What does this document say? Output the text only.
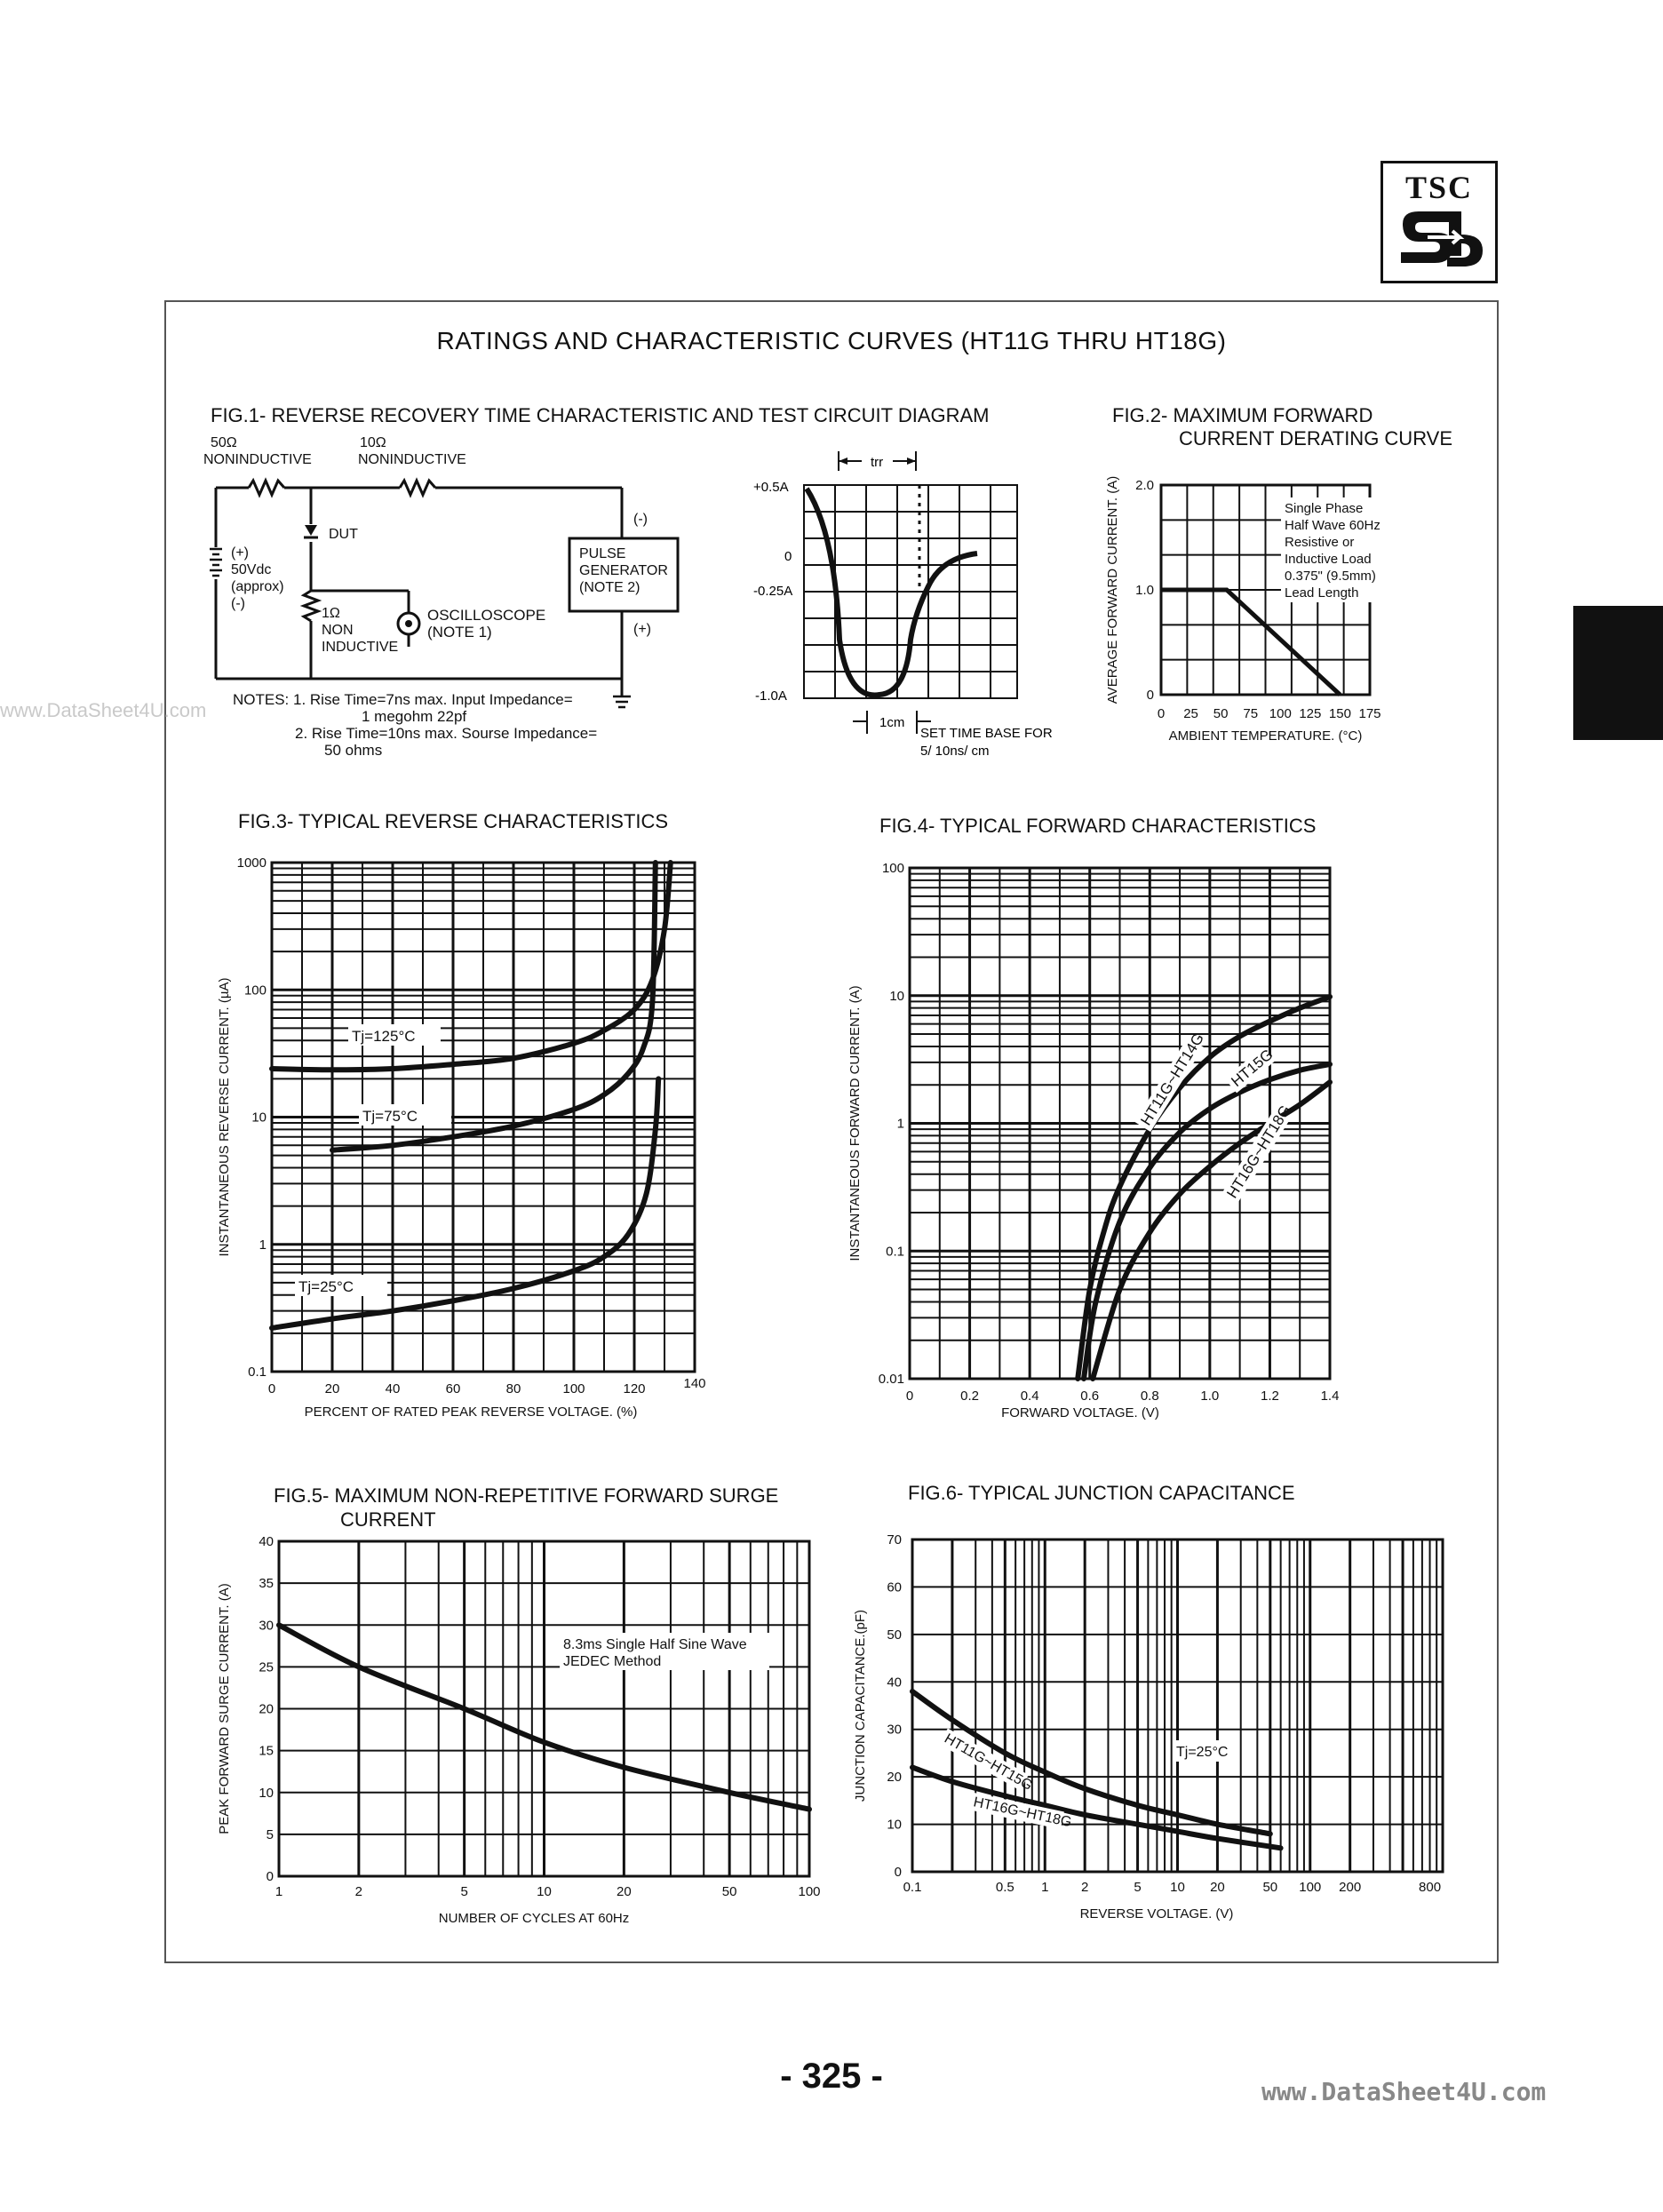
TSC
RATINGS AND CHARACTERISTIC CURVES (HT11G THRU HT18G)
www.DataSheet4U.com
FIG.1- REVERSE RECOVERY TIME CHARACTERISTIC AND TEST CIRCUIT DIAGRAM
50Ω
NONINDUCTIVE
10Ω
NONINDUCTIVE
DUT
(+)
50Vdc
(approx)
(-)
1Ω
NON
INDUCTIVE
OSCILLOSCOPE
(NOTE 1)
PULSE
GENERATOR
(NOTE 2)
(-)
(+)
NOTES: 1. Rise Time=7ns max. Input Impedance=
1 megohm 22pf
2. Rise Time=10ns max. Sourse Impedance=
50 ohms
trr
+0.5A
0
-0.25A
-1.0A
1cm
SET TIME BASE FOR
5/ 10ns/ cm
FIG.2- MAXIMUM FORWARD
CURRENT DERATING CURVE
FIG.3- TYPICAL REVERSE CHARACTERISTICS	FIG.4- TYPICAL FORWARD CHARACTERISTICS
FIG.5- MAXIMUM NON-REPETITIVE FORWARD SURGE
CURRENT
FIG.6- TYPICAL JUNCTION CAPACITANCE
0 25 50 75 100 125 150 175
0
1.0
2.0
AMBIENT TEMPERATURE. (°C)
AVERAGE FORWARD CURRENT. (A)	Single Phase
Half Wave 60Hz
Resistive or
Inductive Load
0.375" (9.5mm)
Lead Length
0	20	40	60	80	100	120	140
0.1
1
10
100
1000
PERCENT OF RATED PEAK REVERSE VOLTAGE. (%)
INSTANTANEOUS REVERSE CURRENT. (µA)	Tj=125°C
Tj=75°C
Tj=25°C
0	0.2	0.4	0.6	0.8	1.0	1.2	1.4
0.01
0.1
1
10
100
FORWARD VOLTAGE. (V)
INSTANTANEOUS FORWARD CURRENT. (A)	HT11G~HT14G HT15G
HT16G~HT18G
1	2	5	10	20	50	100
0
5
10
15
20
25
30
35
40
NUMBER OF CYCLES AT 60Hz
PEAK FORWARD SURGE CURRENT. (A)	8.3ms Single Half Sine Wave
JEDEC Method
0.1	0.5 1 2	5 10 20	50 100 200	800
0
10
20
30
40
50
60
70
REVERSE VOLTAGE. (V)
JUNCTION CAPACITANCE.(pF)	Tj=25°C
HT11G~HT15G
HT16G~HT18G
- 325 -	www.DataSheet4U.com
